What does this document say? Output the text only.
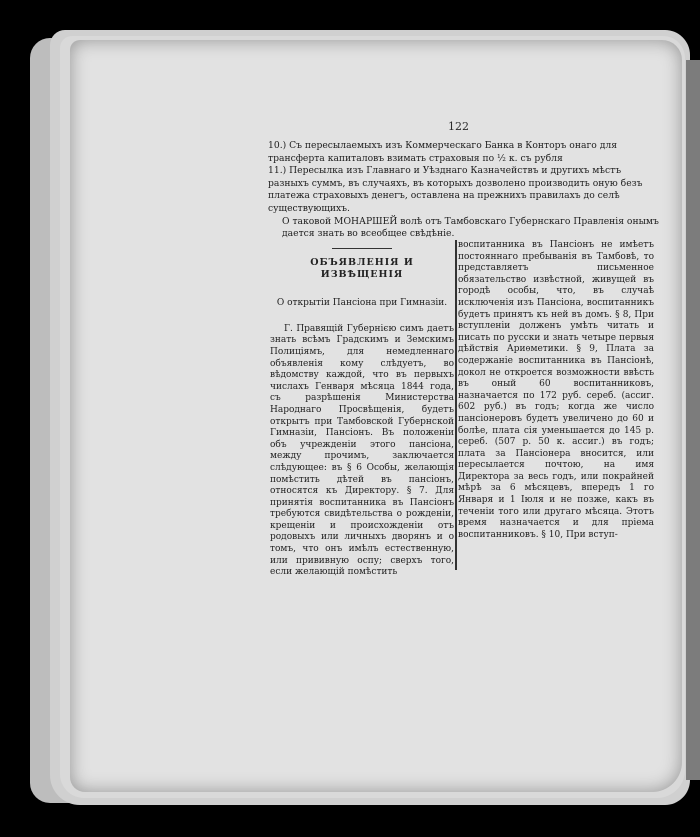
122

10.) Съ пересылаемыхъ изъ Коммерческаго Банка в Конторъ онаго для трансферта капиталовъ взимать страховыя по ½ к. съ рубля

11.) Пересылка изъ Главнаго и Уѣзднаго Казначействъ и другихъ мѣстъ разныхъ суммъ, въ случаяхъ, въ которыхъ дозволено производить оную безъ платежа страховыхъ денегъ, оставлена на прежнихъ правилахъ до селѣ существующихъ.

О таковой МОНАРШЕЙ волѣ отъ Тамбовскаго Губернскаго Правленія онымъ дается знать во всеобщее свѣдѣніе.

ОБЪЯВЛЕНІЯ И ИЗВѢЩЕНІЯ
О открытіи Пансіона при Гимназіи.
Г. Правящій Губернією симъ даетъ знать всѣмъ Градскимъ и Земскимъ Полиціямъ, для немедленнаго объявленія кому слѣдуетъ, во вѣдомству каждой, что въ первыхъ числахъ Генваря мѣсяца 1844 года, съ разрѣшенія Министерства Народнаго Просвѣщенія, будетъ открытъ при Тамбовской Губернской Гимназіи, Пансіонъ. Въ положеніи объ учрежденіи этого пансіона, между прочимъ, заключается слѣдующее: въ § 6 Особы, желающія помѣстить дѣтей въ пансіонъ, относятся къ Директору. § 7. Для принятія воспитанника въ Пансіонъ требуются свидѣтельства о рожденіи, крещеніи и происхожденіи отъ родовыхъ или личныхъ дворянъ и о томъ, что онъ имѣлъ естественную, или прививную оспу; сверхъ того, если желающій помѣстить

воспитанника въ Пансіонъ не имѣетъ постояннаго пребыванія въ Тамбовѣ, то представляетъ письменное обязательство извѣстной, живущей въ городѣ особы, что, въ случаѣ исключенія изъ Пансіона, воспитанникъ будетъ принятъ къ ней въ домъ. § 8, При вступленіи долженъ умѣть читать и писать по русски и знать четыре первыя дѣйствія Ариѳметики. § 9, Плата за содержаніе воспитанника въ Пансіонѣ, докол не откроется возможности ввѣсть въ оный 60 воспитанниковъ, назначается по 172 руб. сереб. (ассиг. 602 руб.) въ годъ; когда же число пансіонеровъ будетъ увеличено до 60 и болѣе, плата сія уменьшается до 145 р. сереб. (507 р. 50 к. ассиг.) въ годъ; плата за Пансіонера вносится, или пересылается почтою, на имя Директора за весь годъ, или покрайней мѣрѣ за 6 мѣсяцевъ, впередъ 1 го Января и 1 Іюля и не позже, какъ въ теченіи того или другаго мѣсяца. Этотъ время назначается и для пріема воспитанниковъ. § 10, При вступ-
